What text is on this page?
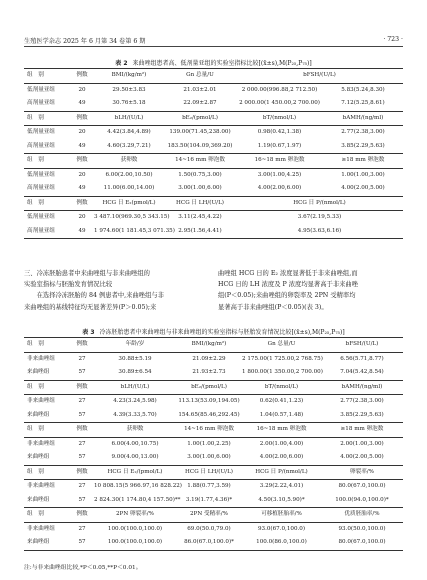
生殖医学杂志 2025 年 6 月第 34 卷第 6 期	· 723 ·
表 2 来曲唑组患者高、低剂量亚组的实验室指标比较[(x̄±s),M(P₂₅,P₇₅)]
组　别	例数	BMI/(kg/m²)	Gn 总量/U	bFSH/(U/L)	
低剂量亚组	20	29.50±3.83	21.03±2.01	2 000.00(996.88,2 712.50)	5.83(5.24,8.30)
高剂量亚组	49	30.76±5.18	22.09±2.87	2 000.00(1 450.00,2 700.00)	7.12(5.25,8.61)
组　别	例数	bLH/(U/L)	bE₂/(pmol/L)	bT/(nmol/L)	bAMH/(ng/ml)
低剂量亚组	20	4.42(3.84,4.89)	139.00(71.45,238.00)	0.98(0.42,1.38)	2.77(2.38,3.00)
高剂量亚组	49	4.60(3.29,7.21)	183.50(104.09,369.20)	1.19(0.67,1.97)	3.85(2.29,5.63)
组　别	例数	获卵数	14~16 mm 卵泡数	16~18 mm 卵泡数	≥18 mm 卵泡数
低剂量亚组	20	6.00(2.00,10.50)	1.50(0.75,3.00)	3.00(1.00,4.25)	1.00(1.00,3.00)
高剂量亚组	49	11.00(6.00,14.00)	3.00(1.00,6.00)	4.00(2.00,6.00)	4.00(2.00,5.00)
组　别	例数	HCG 日 E₂(pmol/L)	HCG 日 LH/(U/L)	HCG 日 P/(nmol/L)	
低剂量亚组	20	3 487.10(969.30,5 343.15)	3.11(2.45,4.22)	3.67(2.19,5.33)	
高剂量亚组	49	1 974.60(1 181.45,3 071.35)	2.95(1.56,4.41)	4.95(3.63,6.16)	

三、冷冻胚胎患者中来曲唑组与非来曲唑组的

实验室指标与胚胎发育情况比较

　　在选择冷冻胚胎的 84 例患者中,来曲唑组与非

来曲唑组的基线特征均无显著差异(P＞0.05);来

曲唑组 HCG 日的 E₂ 浓度显著低于非来曲唑组,而

HCG 日的 LH 浓度及 P 浓度均显著高于非来曲唑

组(P＜0.05);来曲唑组的卵裂率及 2PN 受精率均

显著高于非来曲唑组(P＜0.05)(表 3)。

表 3 冷冻胚胎患者中来曲唑组与非来曲唑组的实验室指标与胚胎发育情况比较[(x̄±s),M(P₂₅,P₇₅)]
组　别	例数	年龄/岁	BMI/(kg/m²)	Gn 总量/U	bFSH/(U/L)
非来曲唑组	27	30.88±5.19	21.09±2.29	2 175.00(1 725.00,2 768.75)	6.56(5.71,8.77)
来曲唑组	57	30.89±6.54	21.93±2.73	1 800.00(1 350.00,2 700.00)	7.04(5.42,8.54)
组　别	例数	bLH/(U/L)	bE₂/(pmol/L)	bT/(nmol/L)	bAMH/(ng/ml)
非来曲唑组	27	4.23(3.24,5.98)	113.13(53.09,194.05)	0.62(0.41,1.23)	2.77(2.38,3.00)
来曲唑组	57	4.39(3.33,5.70)	154.65(85.46,292.45)	1.04(0.57,1.48)	3.85(2.29,5.63)
组　别	例数	获卵数	14~16 mm 卵泡数	16~18 mm 卵泡数	≥18 mm 卵泡数
非来曲唑组	27	6.00(4.00,10.75)	1.00(1.00,2.25)	2.00(1.00,4.00)	2.00(1.00,3.00)
来曲唑组	57	9.00(4.00,13.00)	3.00(1.00,6.00)	4.00(2.00,6.00)	4.00(2.00,5.00)
组　别	例数	HCG 日 E₂/(pmol/L)	HCG 日 LH/(U/L)	HCG 日 P/(nmol/L)	卵裂率/%
非来曲唑组	27	10 808.15(5 966.97,16 828.22)	1.88(0.77,3.59)	3.29(2.22,4.01)	80.0(67.0,100.0)
来曲唑组	57	2 824.30(1 174.80,4 157.50)**	3.19(1.77,4.36)*	4.50(3.10,5.90)*	100.0(94.0,100.0)*
组　别	例数	2PN 卵裂率/%	2PN 受精率/%	可移植胚胎率/%	优质胚胎率/%
非来曲唑组	27	100.0(100.0,100.0)	69.0(50.0,79.0)	93.0(67.0,100.0)	93.0(50.0,100.0)
来曲唑组	57	100.0(100.0,100.0)	86.0(67.0,100.0)*	100.0(86.0,100.0)	80.0(67.0,100.0)
注:与非来曲唑组比较,*P＜0.05,**P＜0.01。
